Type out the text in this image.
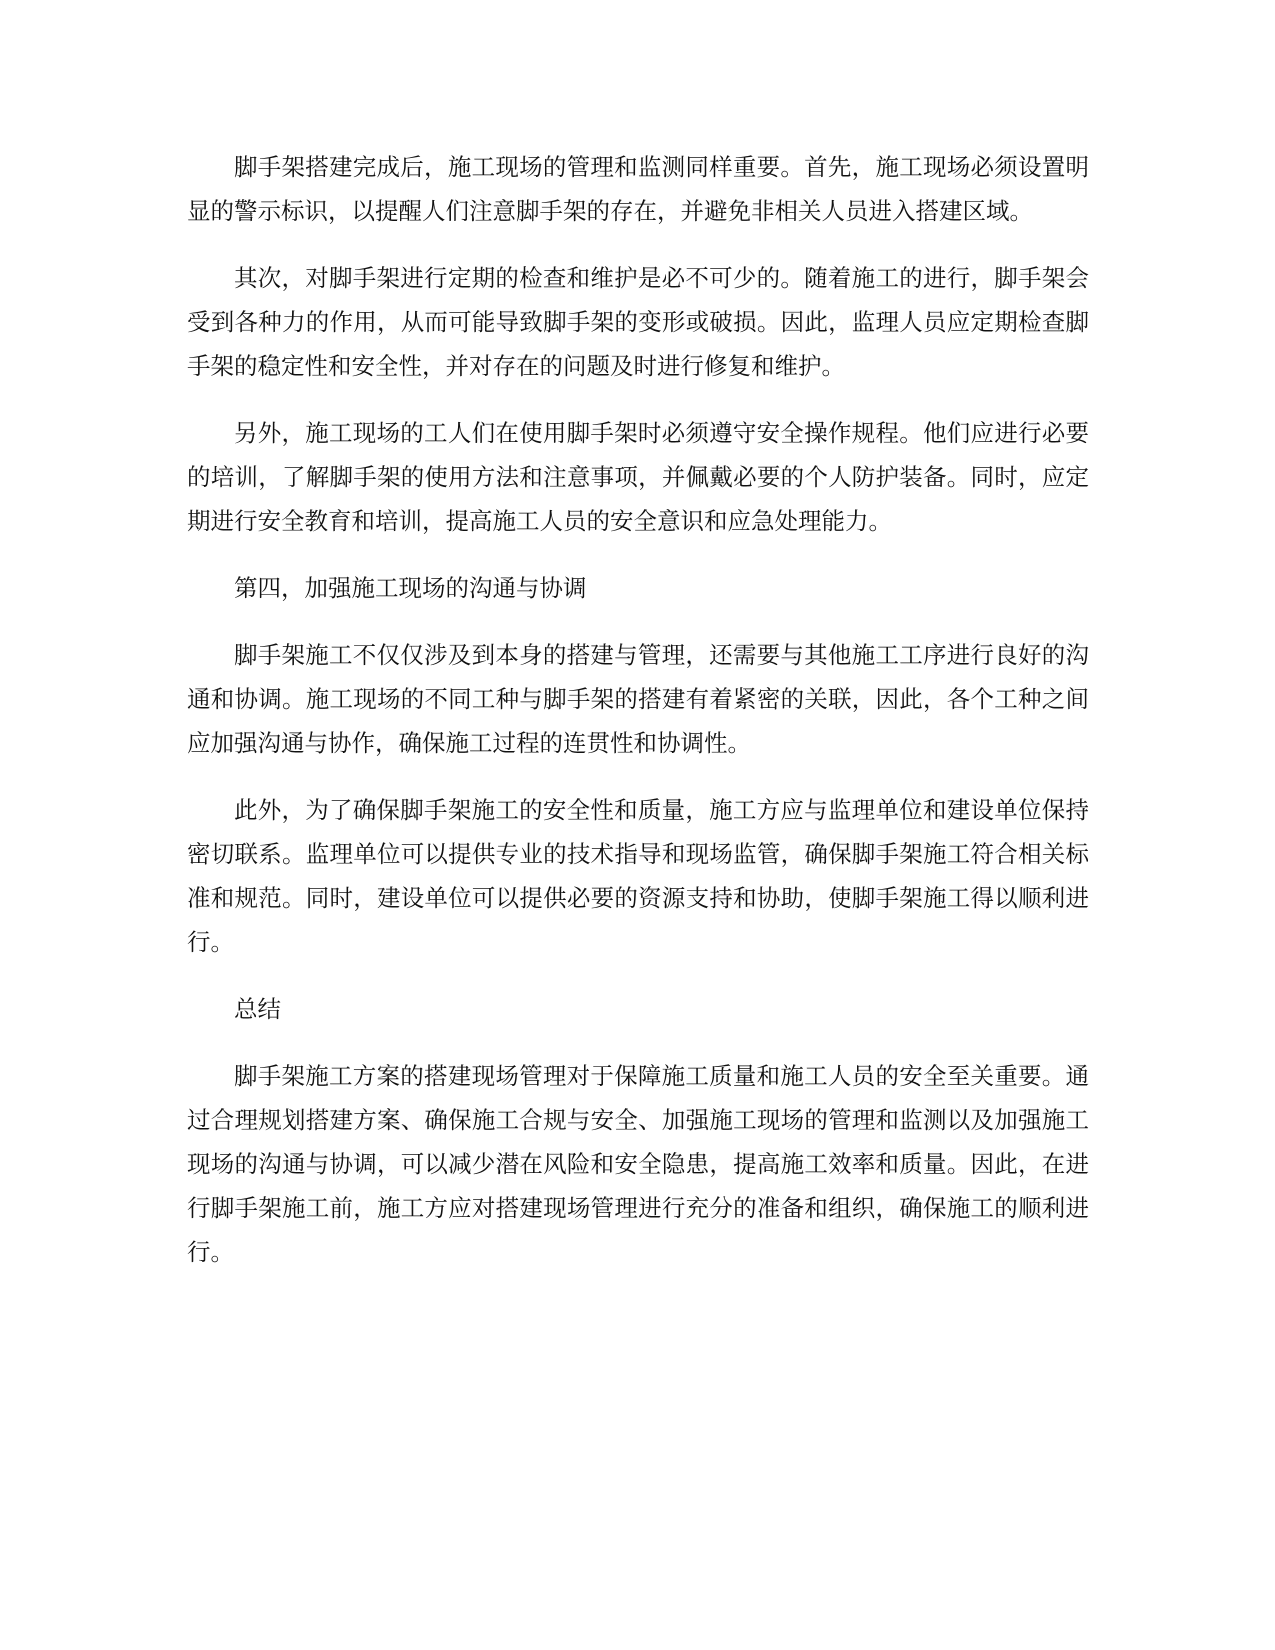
脚手架搭建完成后，施工现场的管理和监测同样重要。首先，施工现场必须设置明显的警示标识，以提醒人们注意脚手架的存在，并避免非相关人员进入搭建区域。

其次，对脚手架进行定期的检查和维护是必不可少的。随着施工的进行，脚手架会受到各种力的作用，从而可能导致脚手架的变形或破损。因此，监理人员应定期检查脚手架的稳定性和安全性，并对存在的问题及时进行修复和维护。

另外，施工现场的工人们在使用脚手架时必须遵守安全操作规程。他们应进行必要的培训，了解脚手架的使用方法和注意事项，并佩戴必要的个人防护装备。同时，应定期进行安全教育和培训，提高施工人员的安全意识和应急处理能力。

第四，加强施工现场的沟通与协调

脚手架施工不仅仅涉及到本身的搭建与管理，还需要与其他施工工序进行良好的沟通和协调。施工现场的不同工种与脚手架的搭建有着紧密的关联，因此，各个工种之间应加强沟通与协作，确保施工过程的连贯性和协调性。

此外，为了确保脚手架施工的安全性和质量，施工方应与监理单位和建设单位保持密切联系。监理单位可以提供专业的技术指导和现场监管，确保脚手架施工符合相关标准和规范。同时，建设单位可以提供必要的资源支持和协助，使脚手架施工得以顺利进行。

总结

脚手架施工方案的搭建现场管理对于保障施工质量和施工人员的安全至关重要。通过合理规划搭建方案、确保施工合规与安全、加强施工现场的管理和监测以及加强施工现场的沟通与协调，可以减少潜在风险和安全隐患，提高施工效率和质量。因此，在进行脚手架施工前，施工方应对搭建现场管理进行充分的准备和组织，确保施工的顺利进行。
